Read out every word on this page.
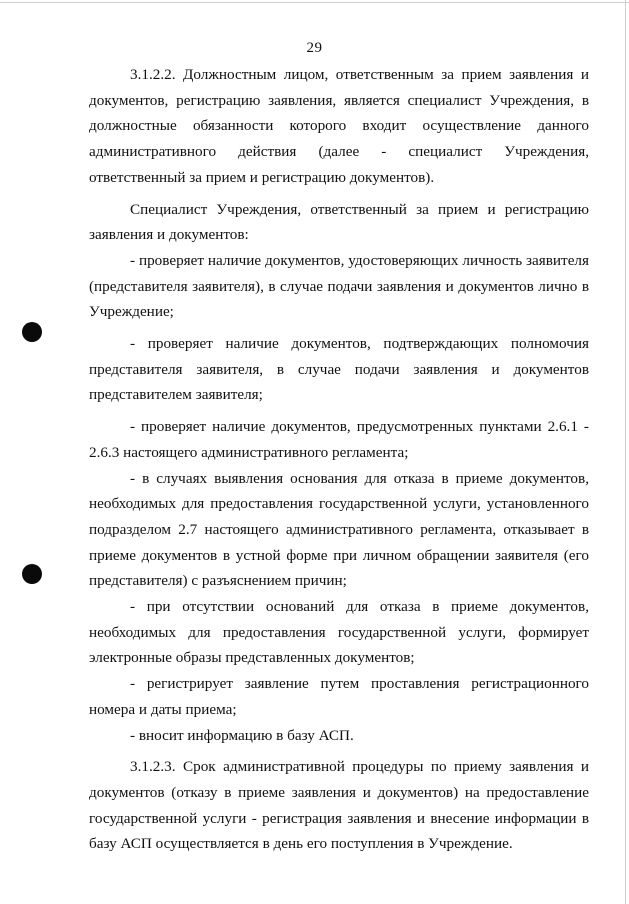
29

3.1.2.2. Должностным лицом, ответственным за прием заявления и документов, регистрацию заявления, является специалист Учреждения, в должностные обязанности которого входит осуществление данного административного действия (далее - специалист Учреждения, ответственный за прием и регистрацию документов).

Специалист Учреждения, ответственный за прием и регистрацию заявления и документов:

- проверяет наличие документов, удостоверяющих личность заявителя (представителя заявителя), в случае подачи заявления и документов лично в Учреждение;

- проверяет наличие документов, подтверждающих полномочия представителя заявителя, в случае подачи заявления и документов представителем заявителя;

- проверяет наличие документов, предусмотренных пунктами 2.6.1 - 2.6.3 настоящего административного регламента;

- в случаях выявления основания для отказа в приеме документов, необходимых для предоставления государственной услуги, установленного подразделом 2.7 настоящего административного регламента, отказывает в приеме документов в устной форме при личном обращении заявителя (его представителя) с разъяснением причин;

- при отсутствии оснований для отказа в приеме документов, необходимых для предоставления государственной услуги, формирует электронные образы представленных документов;

- регистрирует заявление путем проставления регистрационного номера и даты приема;

- вносит информацию в базу АСП.

3.1.2.3. Срок административной процедуры по приему заявления и документов (отказу в приеме заявления и документов) на предоставление государственной услуги - регистрация заявления и внесение информации в базу АСП осуществляется в день его поступления в Учреждение.
